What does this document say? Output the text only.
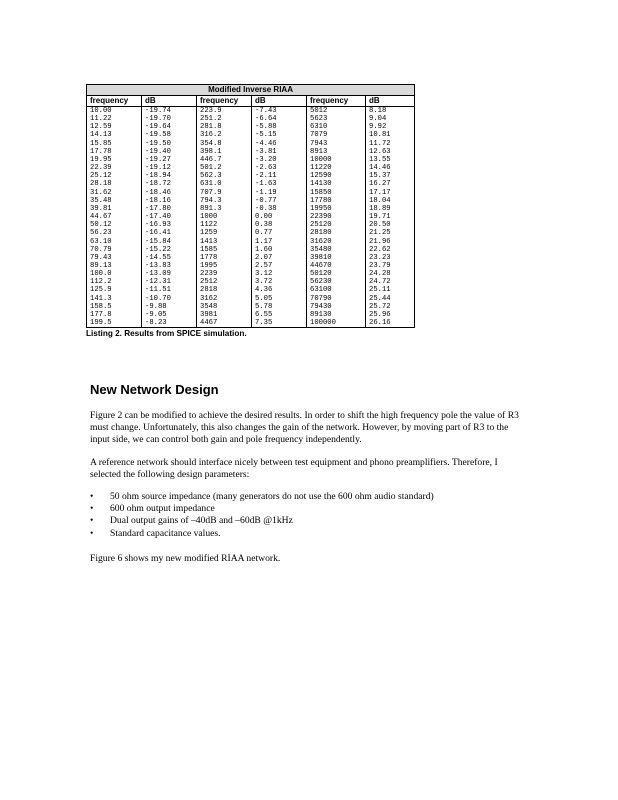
Modified Inverse RIAA					
frequency	dB	frequency	dB	frequency	dB
10.00	-19.74	223.9	-7.43	5012	8.18
11.22	-19.70	251.2	-6.64	5623	9.04
12.59	-19.64	281.8	-5.88	6310	9.92
14.13	-19.58	316.2	-5.15	7079	10.81
15.85	-19.50	354.8	-4.46	7943	11.72
17.78	-19.40	398.1	-3.81	8913	12.63
19.95	-19.27	446.7	-3.20	10000	13.55
22.39	-19.12	501.2	-2.63	11220	14.46
25.12	-18.94	562.3	-2.11	12590	15.37
28.18	-18.72	631.0	-1.63	14130	16.27
31.62	-18.46	707.9	-1.19	15850	17.17
35.48	-18.16	794.3	-0.77	17780	18.04
39.81	-17.80	891.3	-0.38	19950	18.89
44.67	-17.40	1000	0.00	22390	19.71
50.12	-16.93	1122	0.38	25120	20.50
56.23	-16.41	1259	0.77	28180	21.25
63.10	-15.84	1413	1.17	31620	21.96
70.79	-15.22	1585	1.60	35480	22.62
79.43	-14.55	1778	2.07	39810	23.23
89.13	-13.83	1995	2.57	44670	23.79
100.0	-13.09	2239	3.12	50120	24.28
112.2	-12.31	2512	3.72	56230	24.72
125.9	-11.51	2818	4.36	63100	25.11
141.3	-10.70	3162	5.05	70790	25.44
158.5	-9.88	3548	5.78	79430	25.72
177.8	-9.05	3981	6.55	89130	25.96
199.5	-8.23	4467	7.35	100000	26.16
Listing 2. Results from SPICE simulation.
New Network Design

Figure 2 can be modified to achieve the desired results. In order to shift the high frequency pole the value of R3 must change. Unfortunately, this also changes the gain of the network. However, by moving part of R3 to the input side, we can control both gain and pole frequency independently.

A reference network should interface nicely between test equipment and phono preamplifiers. Therefore, I selected the following design parameters:

• 50 ohm source impedance (many generators do not use the 600 ohm audio standard)
• 600 ohm output impedance
• Dual output gains of –40dB and –60dB @1kHz
• Standard capacitance values.

Figure 6 shows my new modified RIAA network.
